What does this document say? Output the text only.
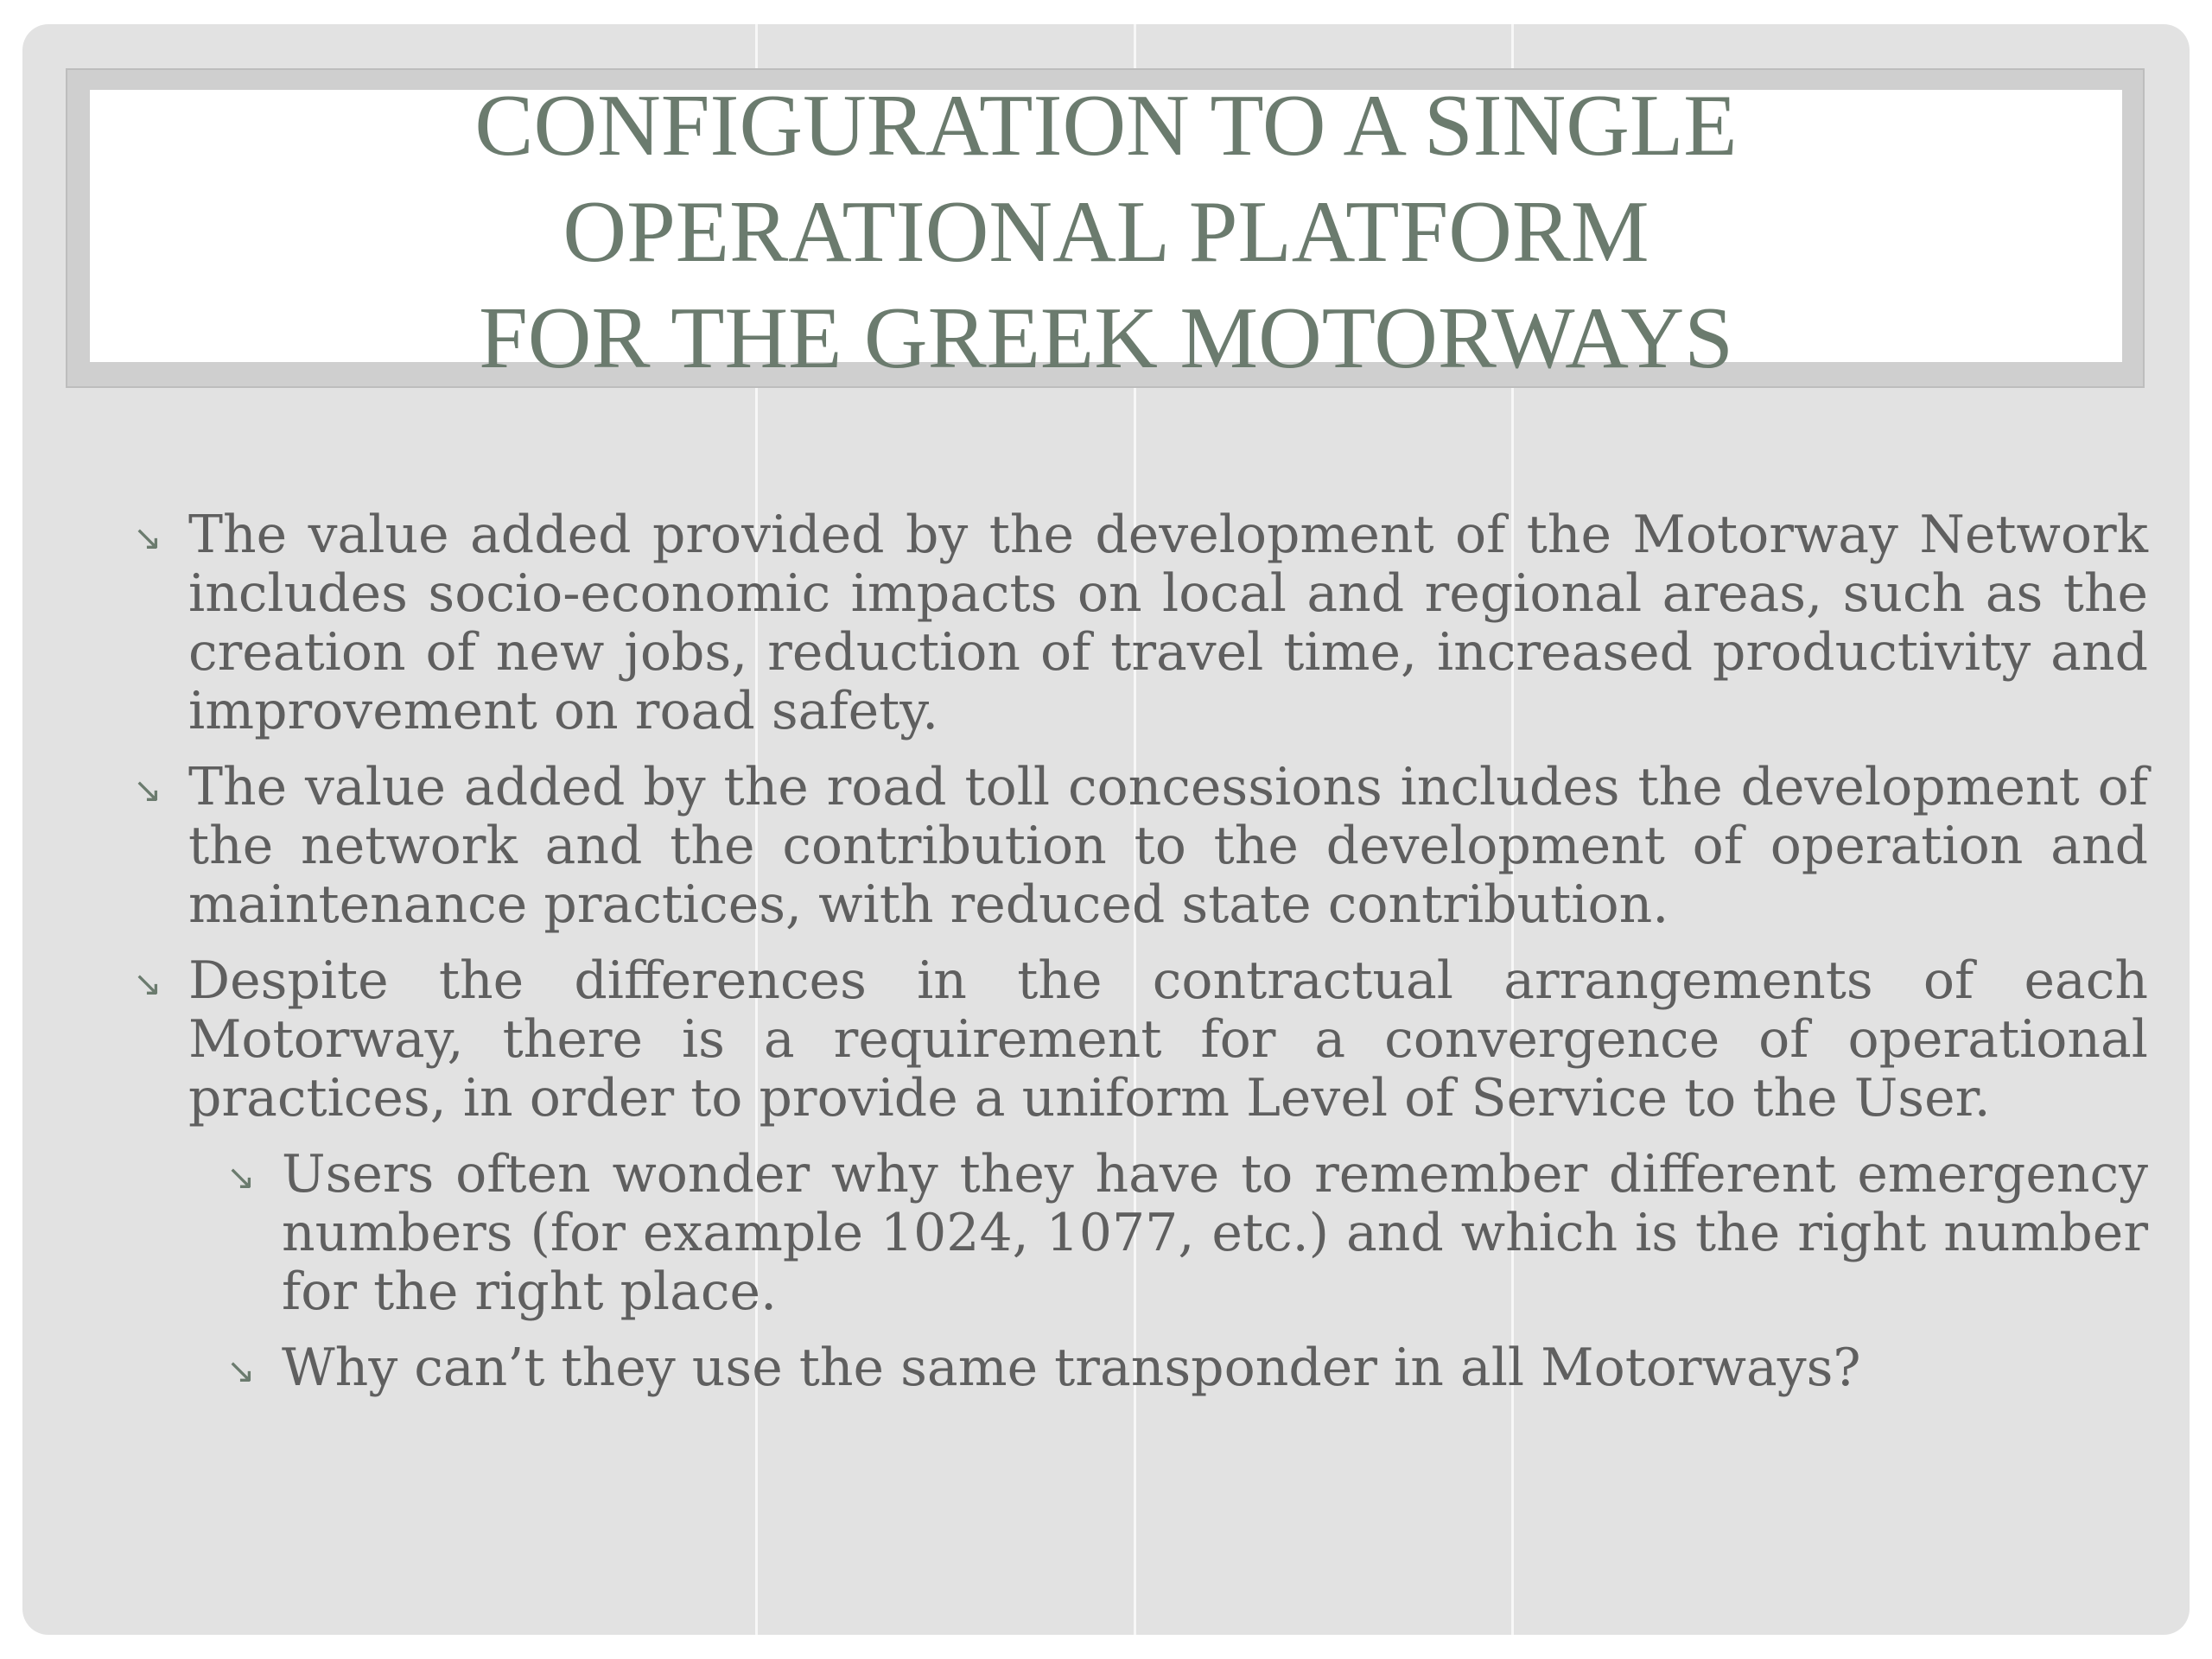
CONFIGURATION TO A SINGLE
OPERATIONAL PLATFORM
FOR THE GREEK MOTORWAYS

↘ The value added provided by the development of the Motorway Network includes socio-economic impacts on local and regional areas, such as the creation of new jobs, reduction of travel time, increased productivity and improvement on road safety.

↘ The value added by the road toll concessions includes the development of the network and the contribution to the development of operation and maintenance practices, with reduced state contribution.

↘ Despite the differences in the contractual arrangements of each Motorway, there is a requirement for a convergence of operational practices, in order to provide a uniform Level of Service to the User.

↘ Users often wonder why they have to remember different emergency numbers (for example 1024, 1077, etc.) and which is the right number for the right place.

↘ Why can’t they use the same transponder in all Motorways?
